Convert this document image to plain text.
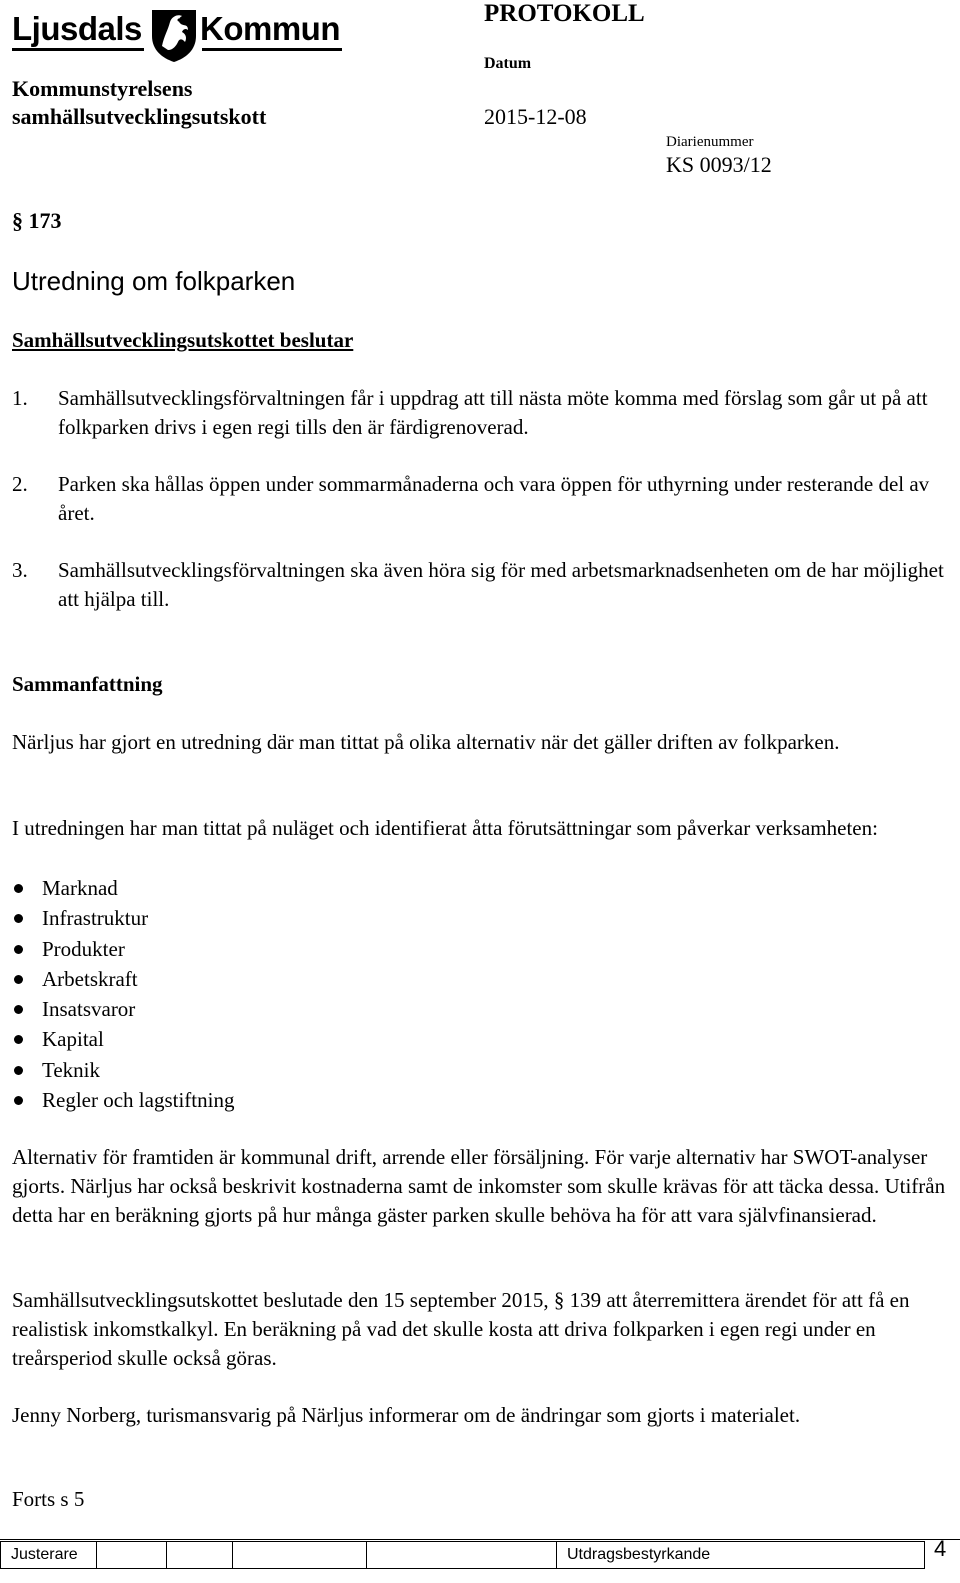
Ljusdals Kommun	PROTOKOLL
Datum
Kommunstyrelsens
samhällsutvecklingsutskott	2015-12-08
Diarienummer
KS 0093/12
§ 173
Utredning om folkparken
Samhällsutvecklingsutskottet beslutar
1. Samhällsutvecklingsförvaltningen får i uppdrag att till nästa möte komma med förslag som går ut på att folkparken drivs i egen regi tills den är färdigrenoverad.
2. Parken ska hållas öppen under sommarmånaderna och vara öppen för uthyrning under resterande del av året.
3. Samhällsutvecklingsförvaltningen ska även höra sig för med arbetsmarknadsenheten om de har möjlighet att hjälpa till.
Sammanfattning
Närljus har gjort en utredning där man tittat på olika alternativ när det gäller driften av folkparken.
I utredningen har man tittat på nuläget och identifierat åtta förutsättningar som påverkar verksamheten:
Marknad
Infrastruktur
Produkter
Arbetskraft
Insatsvaror
Kapital
Teknik
Regler och lagstiftning
Alternativ för framtiden är kommunal drift, arrende eller försäljning. För varje alternativ har SWOT-analyser gjorts. Närljus har också beskrivit kostnaderna samt de inkomster som skulle krävas för att täcka dessa. Utifrån detta har en beräkning gjorts på hur många gäster parken skulle behöva ha för att vara självfinansierad.
Samhällsutvecklingsutskottet beslutade den 15 september 2015, § 139 att återremittera ärendet för att få en realistisk inkomstkalkyl. En beräkning på vad det skulle kosta att driva folkparken i egen regi under en treårsperiod skulle också göras.
Jenny Norberg, turismansvarig på Närljus informerar om de ändringar som gjorts i materialet.
Forts s 5
Justerare	Utdragsbestyrkande	4
